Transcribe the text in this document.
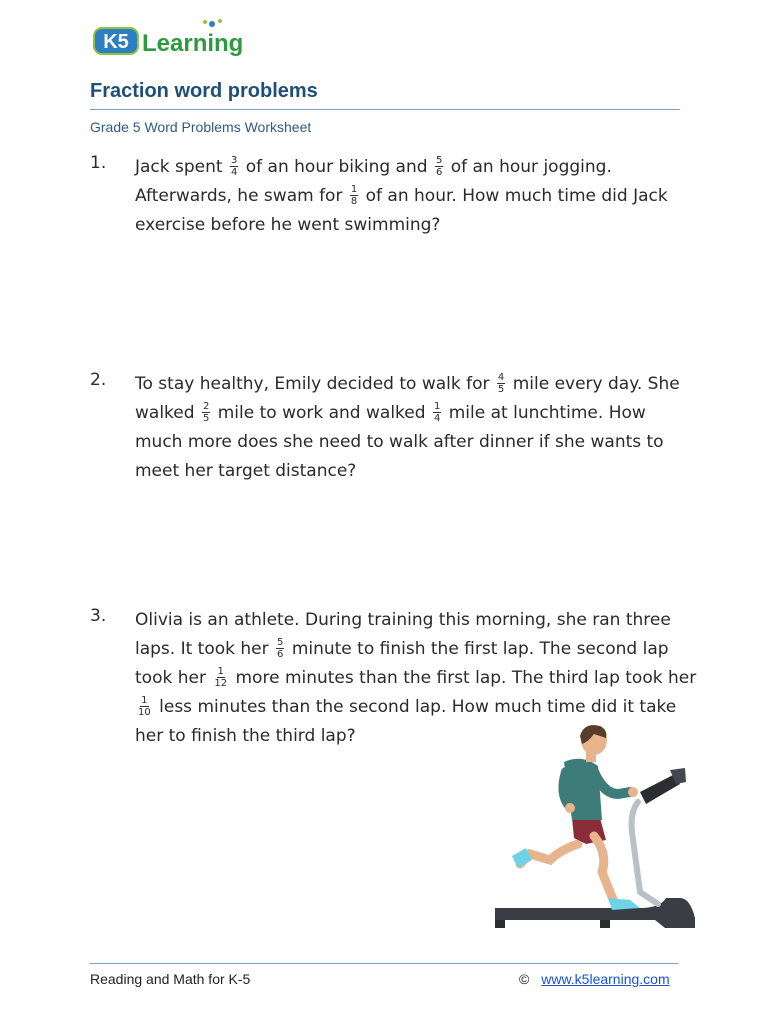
K5 Learning
Fraction word problems
Grade 5 Word Problems Worksheet
1.	Jack spent $\frac{3}{4}$ of an hour biking and $\frac{5}{6}$ of an hour jogging.
Afterwards, he swam for $\frac{1}{8}$ of an hour. How much time did Jack
exercise before he went swimming?
2.	To stay healthy, Emily decided to walk for $\frac{4}{5}$ mile every day. She
walked $\frac{2}{5}$ mile to work and walked $\frac{1}{4}$ mile at lunchtime. How
much more does she need to walk after dinner if she wants to
meet her target distance?
3.	Olivia is an athlete. During training this morning, she ran three
laps. It took her $\frac{5}{6}$ minute to finish the first lap. The second lap
took her $\frac{1}{12}$ more minutes than the first lap. The third lap took her
$\frac{1}{10}$ less minutes than the second lap. How much time did it take
her to finish the third lap?
Reading and Math for K-5	© www.k5learning.com
